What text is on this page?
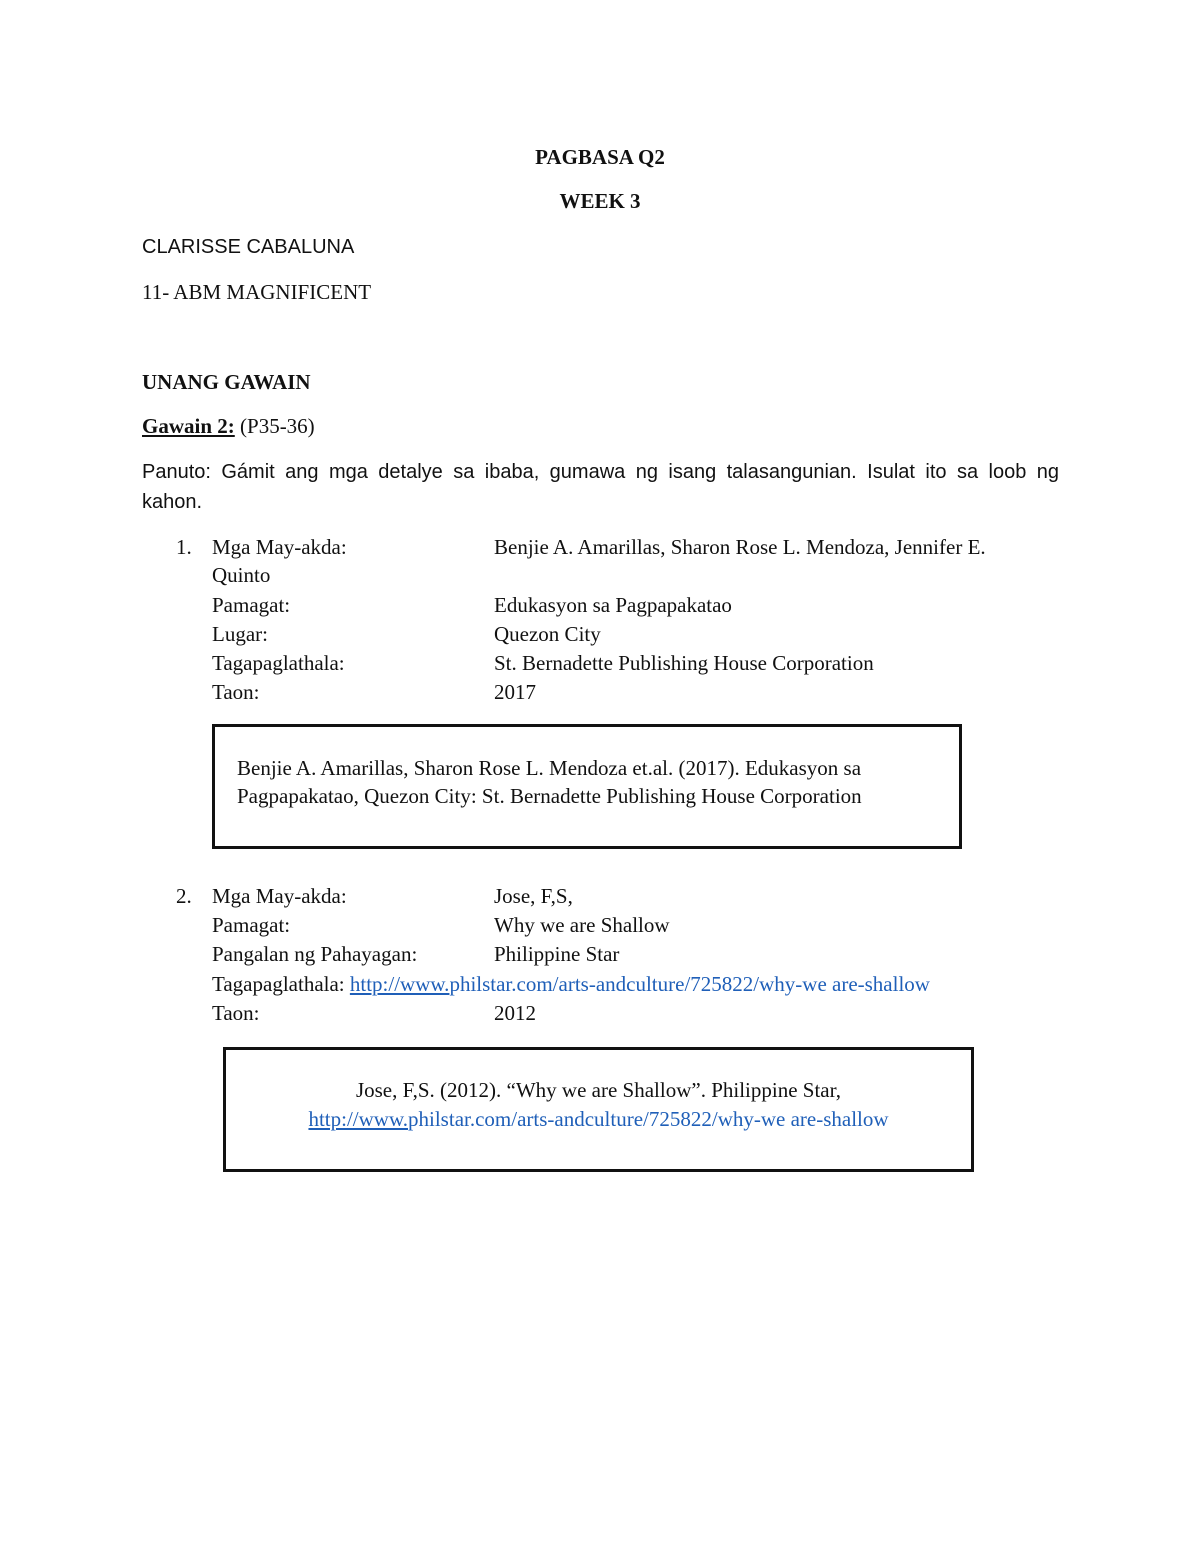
PAGBASA Q2
WEEK 3
CLARISSE CABALUNA
11- ABM MAGNIFICENT
UNANG GAWAIN
Gawain 2: (P35-36)
Panuto: Gámit ang mga detalye sa ibaba, gumawa ng isang talasangunian. Isulat ito sa loob ng
kahon.
1. Mga May-akda:	Benjie A. Amarillas, Sharon Rose L. Mendoza, Jennifer E.
Quinto
Pamagat:	Edukasyon sa Pagpapakatao
Lugar:	Quezon City
Tagapaglathala:	St. Bernadette Publishing House Corporation
Taon:	2017
Benjie A. Amarillas, Sharon Rose L. Mendoza et.al. (2017). Edukasyon sa
Pagpapakatao, Quezon City: St. Bernadette Publishing House Corporation
2. Mga May-akda:	Jose, F,S,
Pamagat:	Why we are Shallow
Pangalan ng Pahayagan:	Philippine Star
Tagapaglathala: http://www.philstar.com/arts-andculture/725822/why-we are-shallow
Taon:	2012
Jose, F,S. (2012). “Why we are Shallow”. Philippine Star,
http://www.philstar.com/arts-andculture/725822/why-we are-shallow
